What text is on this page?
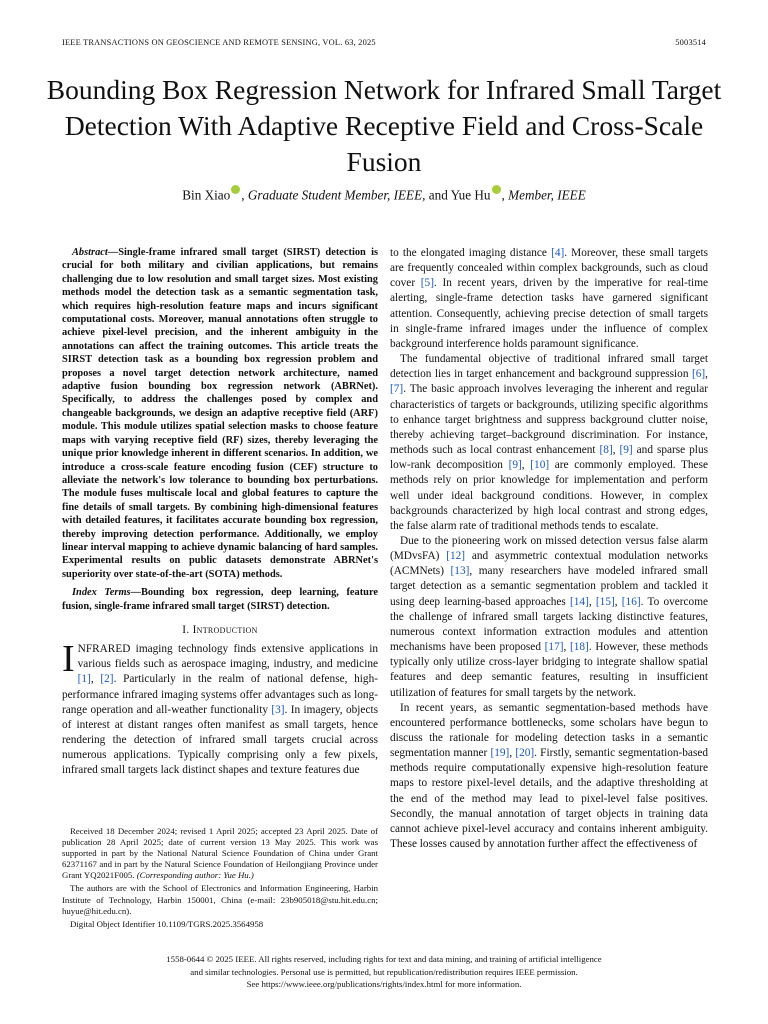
IEEE TRANSACTIONS ON GEOSCIENCE AND REMOTE SENSING, VOL. 63, 2025	5003514
Bounding Box Regression Network for Infrared Small Target Detection With Adaptive Receptive Field and Cross-Scale Fusion
Bin Xiao , Graduate Student Member, IEEE, and Yue Hu , Member, IEEE

Abstract—Single-frame infrared small target (SIRST) detection is crucial for both military and civilian applications, but remains challenging due to low resolution and small target sizes. Most existing methods model the detection task as a semantic segmentation task, which requires high-resolution feature maps and incurs significant computational costs. Moreover, manual annotations often struggle to achieve pixel-level precision, and the inherent ambiguity in the annotations can affect the training outcomes. This article treats the SIRST detection task as a bounding box regression problem and proposes a novel target detection network architecture, named adaptive fusion bounding box regression network (ABRNet). Specifically, to address the challenges posed by complex and changeable backgrounds, we design an adaptive receptive field (ARF) module. This module utilizes spatial selection masks to choose feature maps with varying receptive field (RF) sizes, thereby leveraging the unique prior knowledge inherent in different scenarios. In addition, we introduce a cross-scale feature encoding fusion (CEF) structure to alleviate the network's low tolerance to bounding box perturbations. The module fuses multiscale local and global features to capture the fine details of small targets. By combining high-dimensional features with detailed features, it facilitates accurate bounding box regression, thereby improving detection performance. Additionally, we employ linear interval mapping to achieve dynamic balancing of hard samples. Experimental results on public datasets demonstrate ABRNet's superiority over state-of-the-art (SOTA) methods.

Index Terms—Bounding box regression, deep learning, feature fusion, single-frame infrared small target (SIRST) detection.

I. Introduction

INFRARED imaging technology finds extensive applications in various fields such as aerospace imaging, industry, and medicine [1], [2]. Particularly in the realm of national defense, high-performance infrared imaging systems offer advantages such as long-range operation and all-weather functionality [3]. In imagery, objects of interest at distant ranges often manifest as small targets, hence rendering the detection of infrared small targets crucial across numerous applications. Typically comprising only a few pixels, infrared small targets lack distinct shapes and texture features due

to the elongated imaging distance [4]. Moreover, these small targets are frequently concealed within complex backgrounds, such as cloud cover [5]. In recent years, driven by the imperative for real-time alerting, single-frame detection tasks have garnered significant attention. Consequently, achieving precise detection of small targets in single-frame infrared images under the influence of complex background interference holds paramount significance.

The fundamental objective of traditional infrared small target detection lies in target enhancement and background suppression [6], [7]. The basic approach involves leveraging the inherent and regular characteristics of targets or backgrounds, utilizing specific algorithms to enhance target brightness and suppress background clutter noise, thereby achieving target–background discrimination. For instance, methods such as local contrast enhancement [8], [9] and sparse plus low-rank decomposition [9], [10] are commonly employed. These methods rely on prior knowledge for implementation and perform well under ideal background conditions. However, in complex backgrounds characterized by high local contrast and strong edges, the false alarm rate of traditional methods tends to escalate.

Due to the pioneering work on missed detection versus false alarm (MDvsFA) [12] and asymmetric contextual modulation networks (ACMNets) [13], many researchers have modeled infrared small target detection as a semantic segmentation problem and tackled it using deep learning-based approaches [14], [15], [16]. To overcome the challenge of infrared small targets lacking distinctive features, numerous context information extraction modules and attention mechanisms have been proposed [17], [18]. However, these methods typically only utilize cross-layer bridging to integrate shallow spatial features and deep semantic features, resulting in insufficient utilization of features for small targets by the network.

In recent years, as semantic segmentation-based methods have encountered performance bottlenecks, some scholars have begun to discuss the rationale for modeling detection tasks in a semantic segmentation manner [19], [20]. Firstly, semantic segmentation-based methods require computationally expensive high-resolution feature maps to restore pixel-level details, and the adaptive thresholding at the end of the method may lead to pixel-level false positives. Secondly, the manual annotation of target objects in training data cannot achieve pixel-level accuracy and contains inherent ambiguity. These losses caused by annotation further affect the effectiveness of

Received 18 December 2024; revised 1 April 2025; accepted 23 April 2025. Date of publication 28 April 2025; date of current version 13 May 2025. This work was supported in part by the National Natural Science Foundation of China under Grant 62371167 and in part by the Natural Science Foundation of Heilongjiang Province under Grant YQ2021F005. (Corresponding author: Yue Hu.)

The authors are with the School of Electronics and Information Engineering, Harbin Institute of Technology, Harbin 150001, China (e-mail: 23b905018@stu.hit.edu.cn; huyue@hit.edu.cn).

Digital Object Identifier 10.1109/TGRS.2025.3564958

1558-0644 © 2025 IEEE. All rights reserved, including rights for text and data mining, and training of artificial intelligence
and similar technologies. Personal use is permitted, but republication/redistribution requires IEEE permission.
See https://www.ieee.org/publications/rights/index.html for more information.
